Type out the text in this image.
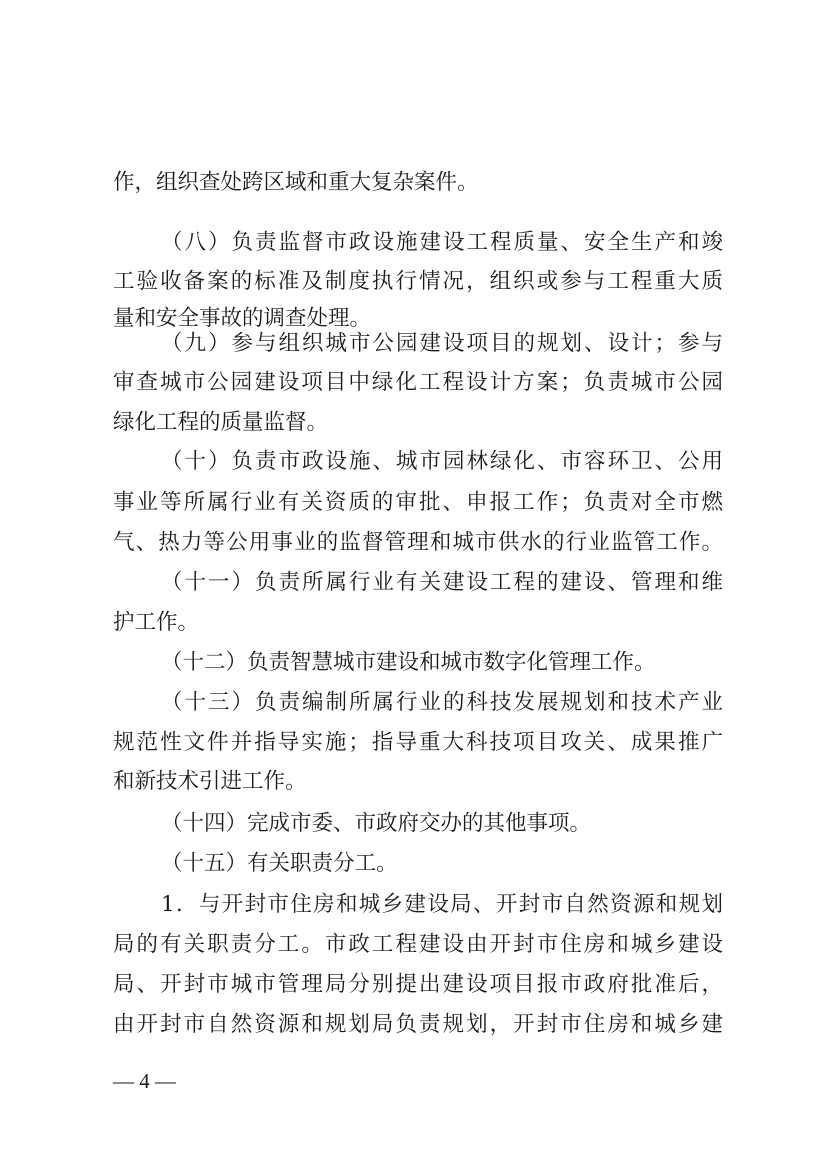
作，组织查处跨区域和重大复杂案件。
（八）负责监督市政设施建设工程质量、安全生产和竣
工验收备案的标准及制度执行情况，组织或参与工程重大质
量和安全事故的调查处理。
（九）参与组织城市公园建设项目的规划、设计；参与
审查城市公园建设项目中绿化工程设计方案；负责城市公园
绿化工程的质量监督。
（十）负责市政设施、城市园林绿化、市容环卫、公用
事业等所属行业有关资质的审批、申报工作；负责对全市燃
气、热力等公用事业的监督管理和城市供水的行业监管工作。
（十一）负责所属行业有关建设工程的建设、管理和维
护工作。
（十二）负责智慧城市建设和城市数字化管理工作。
（十三）负责编制所属行业的科技发展规划和技术产业
规范性文件并指导实施；指导重大科技项目攻关、成果推广
和新技术引进工作。
（十四）完成市委、市政府交办的其他事项。
（十五）有关职责分工。
1．与开封市住房和城乡建设局、开封市自然资源和规划
局的有关职责分工。市政工程建设由开封市住房和城乡建设
局、开封市城市管理局分别提出建设项目报市政府批准后，
由开封市自然资源和规划局负责规划，开封市住房和城乡建
— 4 —
